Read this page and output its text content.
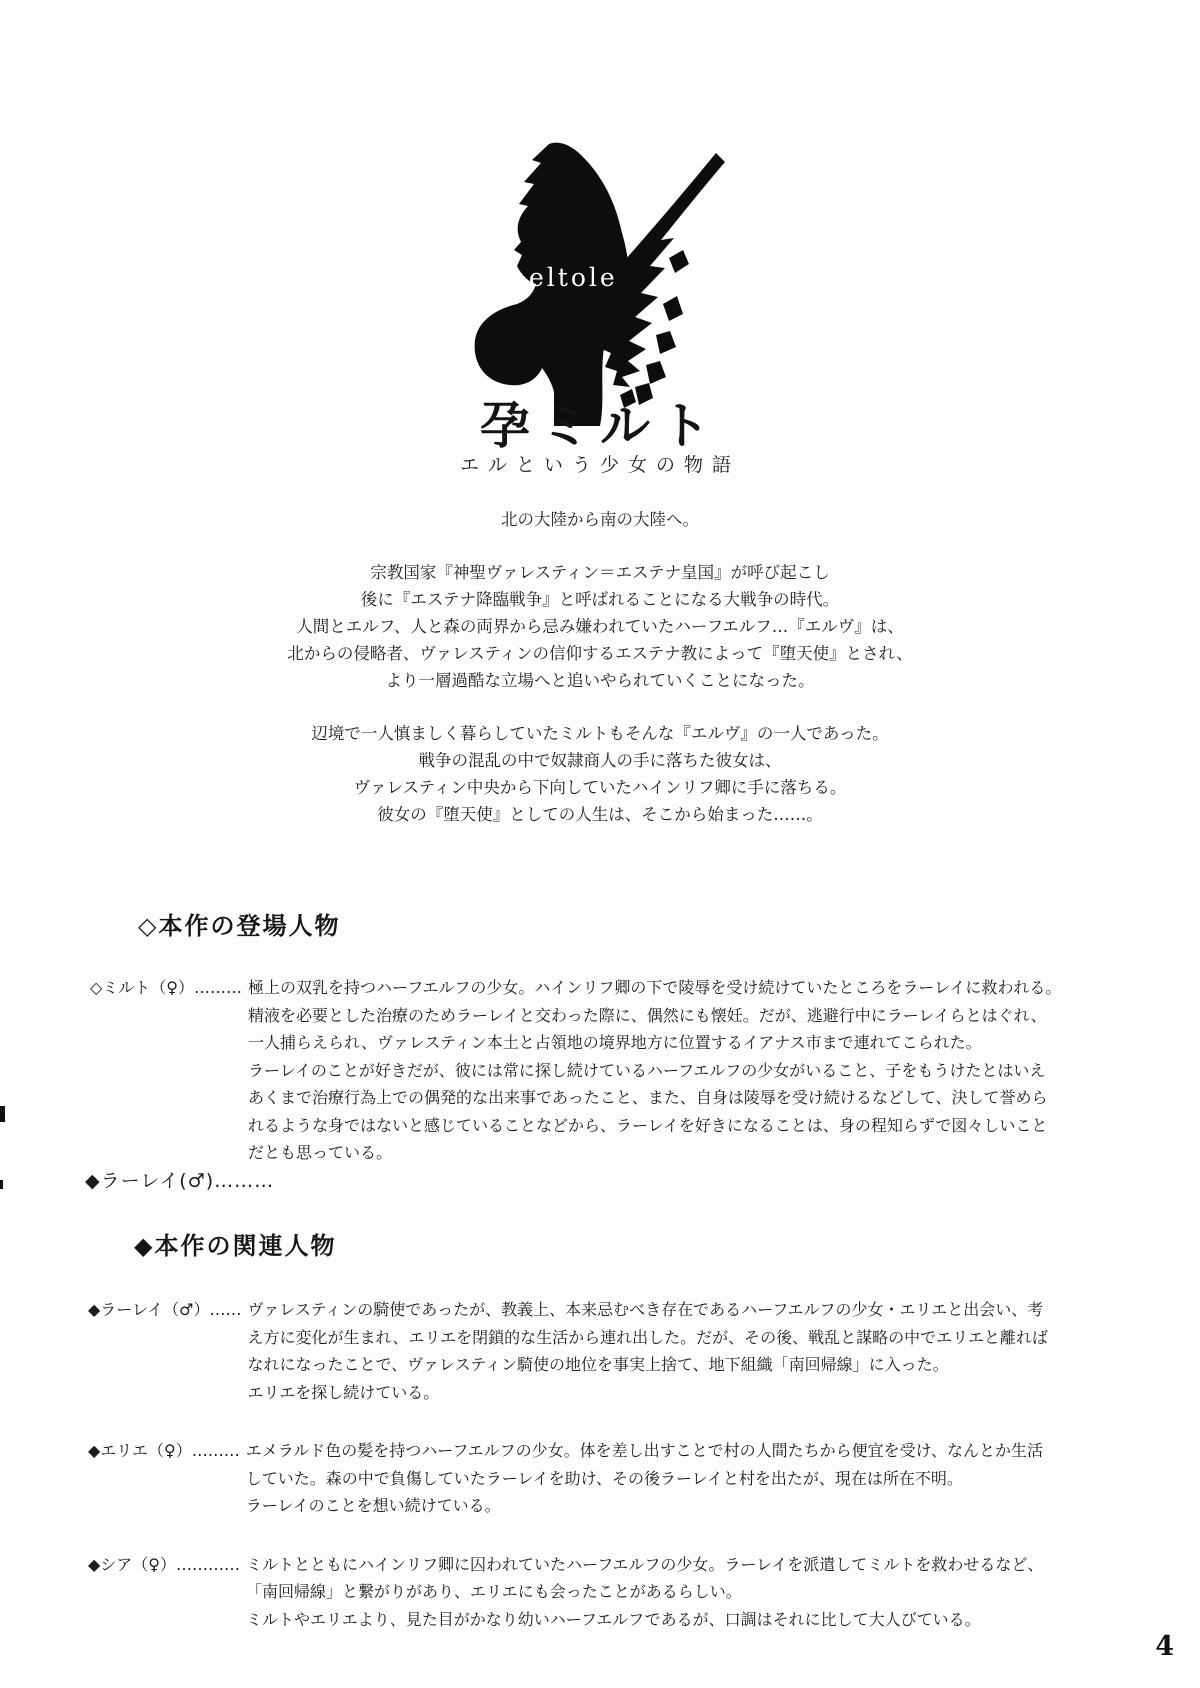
eltole
孕ミルト
エルという少女の物語
北の大陸から南の大陸へ。
宗教国家『神聖ヴァレスティン＝エステナ皇国』が呼び起こし
後に『エステナ降臨戦争』と呼ばれることになる大戦争の時代。
人間とエルフ、人と森の両界から忌み嫌われていたハーフエルフ…『エルヴ』は、
北からの侵略者、ヴァレスティンの信仰するエステナ教によって『堕天使』とされ、
より一層過酷な立場へと追いやられていくことになった。
辺境で一人慎ましく暮らしていたミルトもそんな『エルヴ』の一人であった。
戦争の混乱の中で奴隷商人の手に落ちた彼女は、
ヴァレスティン中央から下向していたハインリフ卿に手に落ちる。
彼女の『堕天使』としての人生は、そこから始まった……。
◇本作の登場人物
◇ミルト（♀）……… 極上の双乳を持つハーフエルフの少女。ハインリフ卿の下で陵辱を受け続けていたところをラーレイに救われる。
精液を必要とした治療のためラーレイと交わった際に、偶然にも懐妊。だが、逃避行中にラーレイらとはぐれ、
一人捕らえられ、ヴァレスティン本土と占領地の境界地方に位置するイアナス市まで連れてこられた。
ラーレイのことが好きだが、彼には常に探し続けているハーフエルフの少女がいること、子をもうけたとはいえ
あくまで治療行為上での偶発的な出来事であったこと、また、自身は陵辱を受け続けるなどして、決して誉めら
れるような身ではないと感じていることなどから、ラーレイを好きになることは、身の程知らずで図々しいこと
だとも思っている。
◆ラーレイ(♂)………
◆本作の関連人物
◆ラーレイ（♂）…… ヴァレスティンの騎使であったが、教義上、本来忌むべき存在であるハーフエルフの少女・エリエと出会い、考
え方に変化が生まれ、エリエを閉鎖的な生活から連れ出した。だが、その後、戦乱と謀略の中でエリエと離れば
なれになったことで、ヴァレスティン騎使の地位を事実上捨て、地下組織「南回帰線」に入った。
エリエを探し続けている。
◆エリエ（♀）……… エメラルド色の髪を持つハーフエルフの少女。体を差し出すことで村の人間たちから便宜を受け、なんとか生活
していた。森の中で負傷していたラーレイを助け、その後ラーレイと村を出たが、現在は所在不明。
ラーレイのことを想い続けている。
◆シア（♀）………… ミルトとともにハインリフ卿に囚われていたハーフエルフの少女。ラーレイを派遣してミルトを救わせるなど、
「南回帰線」と繋がりがあり、エリエにも会ったことがあるらしい。
ミルトやエリエより、見た目がかなり幼いハーフエルフであるが、口調はそれに比して大人びている。
4
